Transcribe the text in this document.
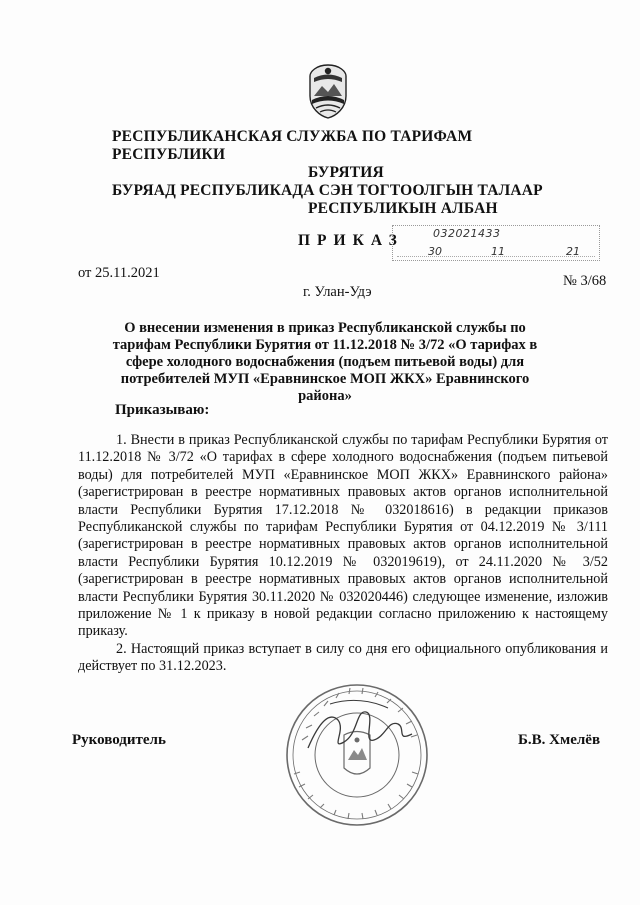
РЕСПУБЛИКАНСКАЯ СЛУЖБА ПО ТАРИФАМ РЕСПУБЛИКИ
БУРЯТИЯ
БУРЯАД РЕСПУБЛИКАДА СЭН ТОГТООЛГЫН ТАЛААР
РЕСПУБЛИКЫН АЛБАН
ПРИКАЗ	032021433
30	11	21
от 25.11.2021	№ 3/68
г. Улан-Удэ
О внесении изменения в приказ Республиканской службы по тарифам Республики Бурятия от 11.12.2018 № 3/72 «О тарифах в сфере холодного водоснабжения (подъем питьевой воды) для потребителей МУП «Еравнинское МОП ЖКХ» Еравнинского района»
Приказываю:

1. Внести в приказ Республиканской службы по тарифам Республики Бурятия от 11.12.2018 № 3/72 «О тарифах в сфере холодного водоснабжения (подъем питьевой воды) для потребителей МУП «Еравнинское МОП ЖКХ» Еравнинского района» (зарегистрирован в реестре нормативных правовых актов органов исполнительной власти Республики Бурятия 17.12.2018 № 032018616) в редакции приказов Республиканской службы по тарифам Республики Бурятия от 04.12.2019 № 3/111 (зарегистрирован в реестре нормативных правовых актов органов исполнительной власти Республики Бурятия 10.12.2019 № 032019619), от 24.11.2020 № 3/52 (зарегистрирован в реестре нормативных правовых актов органов исполнительной власти Республики Бурятия 30.11.2020 № 032020446) следующее изменение, изложив приложение № 1 к приказу в новой редакции согласно приложению к настоящему приказу.

2. Настоящий приказ вступает в силу со дня его официального опубликования и действует по 31.12.2023.

Руководитель	Б.В. Хмелёв
